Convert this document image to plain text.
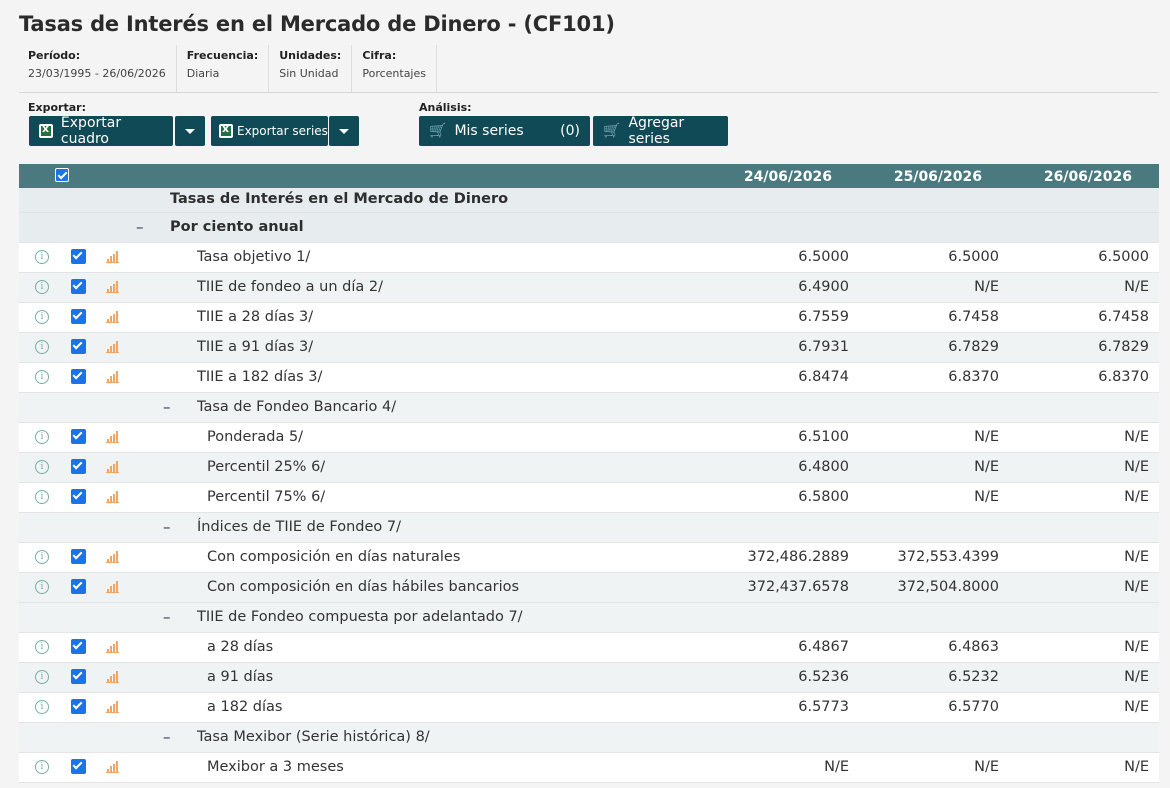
Tasas de Interés en el Mercado de Dinero - (CF101)
Período:
23/03/1995 - 26/06/2026
Frecuencia:
Diaria
Unidades:
Sin Unidad
Cifra:
Porcentajes
Exportar:
x
Exportar cuadro
x	Exportar series
Análisis:
🛒 Mis series	(0) 🛒 Agregar series
24/06/2026	25/06/2026	26/06/2026
Tasas de Interés en el Mercado de Dinero
– Por ciento anual
i	Tasa objetivo 1/	6.5000	6.5000	6.5000
i	TIIE de fondeo a un día 2/	6.4900	N/E	N/E
i	TIIE a 28 días 3/	6.7559	6.7458	6.7458
i	TIIE a 91 días 3/	6.7931	6.7829	6.7829
i	TIIE a 182 días 3/	6.8474	6.8370	6.8370
– Tasa de Fondeo Bancario 4/
i	Ponderada 5/	6.5100	N/E	N/E
i	Percentil 25% 6/	6.4800	N/E	N/E
i	Percentil 75% 6/	6.5800	N/E	N/E
– Índices de TIIE de Fondeo 7/
i	Con composición en días naturales	372,486.2889	372,553.4399	N/E
i	Con composición en días hábiles bancarios	372,437.6578	372,504.8000	N/E
– TIIE de Fondeo compuesta por adelantado 7/
i	a 28 días	6.4867	6.4863	N/E
i	a 91 días	6.5236	6.5232	N/E
i	a 182 días	6.5773	6.5770	N/E
– Tasa Mexibor (Serie histórica) 8/
i	Mexibor a 3 meses	N/E	N/E	N/E
